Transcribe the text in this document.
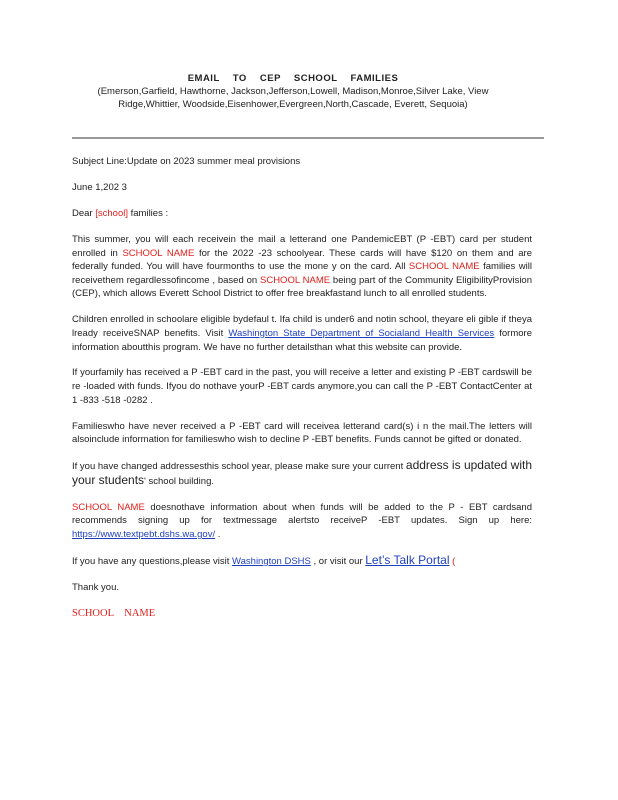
EMAIL TO CEP SCHOOL FAMILIES
(Emerson,Garfield, Hawthorne, Jackson,Jefferson,Lowell, Madison,Monroe,Silver Lake, View Ridge,Whittier, Woodside,Eisenhower,Evergreen,North,Cascade, Everett, Sequoia)

Subject Line:Update on 2023 summer meal provisions

June 1,202 3

Dear [school] families :

This summer, you will each receivein the mail a letterand one PandemicEBT (P -EBT) card per student enrolled in SCHOOL NAME for the 2022 -23 schoolyear. These cards will have $120 on them and are federally funded. You will have fourmonths to use the mone y on the card. All SCHOOL NAME families will receivethem regardlessofincome , based on SCHOOL NAME being part of the Community EligibilityProvision (CEP), which allows Everett School District to offer free breakfastand lunch to all enrolled students.

Children enrolled in schoolare eligible bydefaul t. Ifa child is under6 and notin school, theyare eli gible if theya lready receiveSNAP benefits. Visit Washington State Department of Socialand Health Services formore information aboutthis program. We have no further detailsthan what this website can provide.

If yourfamily has received a P -EBT card in the past, you will receive a letter and existing P -EBT cardswill be re -loaded with funds. Ifyou do nothave yourP -EBT cards anymore,you can call the P -EBT ContactCenter at 1 -833 -518 -0282 .

Familieswho have never received a P -EBT card will receivea letterand card(s) i n the mail.The letters will alsoinclude information for familieswho wish to decline P -EBT benefits. Funds cannot be gifted or donated.

If you have changed addressesthis school year, please make sure your current address is updated with your students' school building.

SCHOOL NAME doesnothave information about when funds will be added to the P - EBT cardsand recommends signing up for textmessage alertsto receiveP -EBT updates. Sign up here: https://www.textpebt.dshs.wa.gov/ .

If you have any questions,please visit Washington DSHS , or visit our Let’s Talk Portal (

Thank you.

SCHOOL NAME
